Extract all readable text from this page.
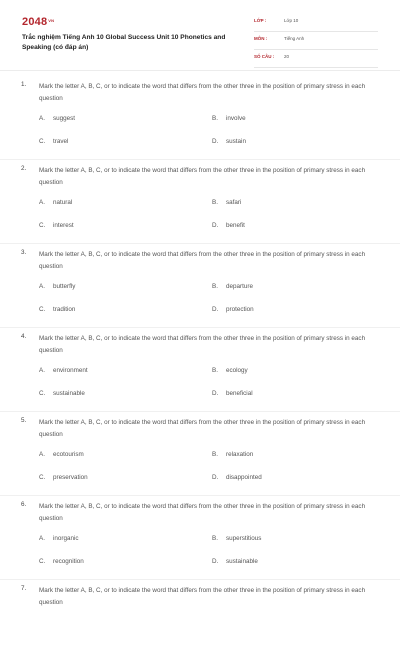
$2048^{VN}$
Trắc nghiệm Tiếng Anh 10 Global Success Unit 10 Phonetics and Speaking (có đáp án)
LỚP :	Lớp 10
MÔN :	Tiếng Anh
SỐ CÂU : 20
1. Mark the letter A, B, C, or to indicate the word that differs from the other three in the position of primary stress in each question
A. suggest	B. involve
C. travel	D. sustain
2. Mark the letter A, B, C, or to indicate the word that differs from the other three in the position of primary stress in each question
A. natural	B. safari
C. interest	D. benefit
3. Mark the letter A, B, C, or to indicate the word that differs from the other three in the position of primary stress in each question
A. butterfly	B. departure
C. tradition	D. protection
4. Mark the letter A, B, C, or to indicate the word that differs from the other three in the position of primary stress in each question
A. environment	B. ecology
C. sustainable	D. beneficial
5. Mark the letter A, B, C, or to indicate the word that differs from the other three in the position of primary stress in each question
A. ecotourism	B. relaxation
C. preservation	D. disappointed
6. Mark the letter A, B, C, or to indicate the word that differs from the other three in the position of primary stress in each question
A. inorganic	B. superstitious
C. recognition	D. sustainable
7. Mark the letter A, B, C, or to indicate the word that differs from the other three in the position of primary stress in each question
